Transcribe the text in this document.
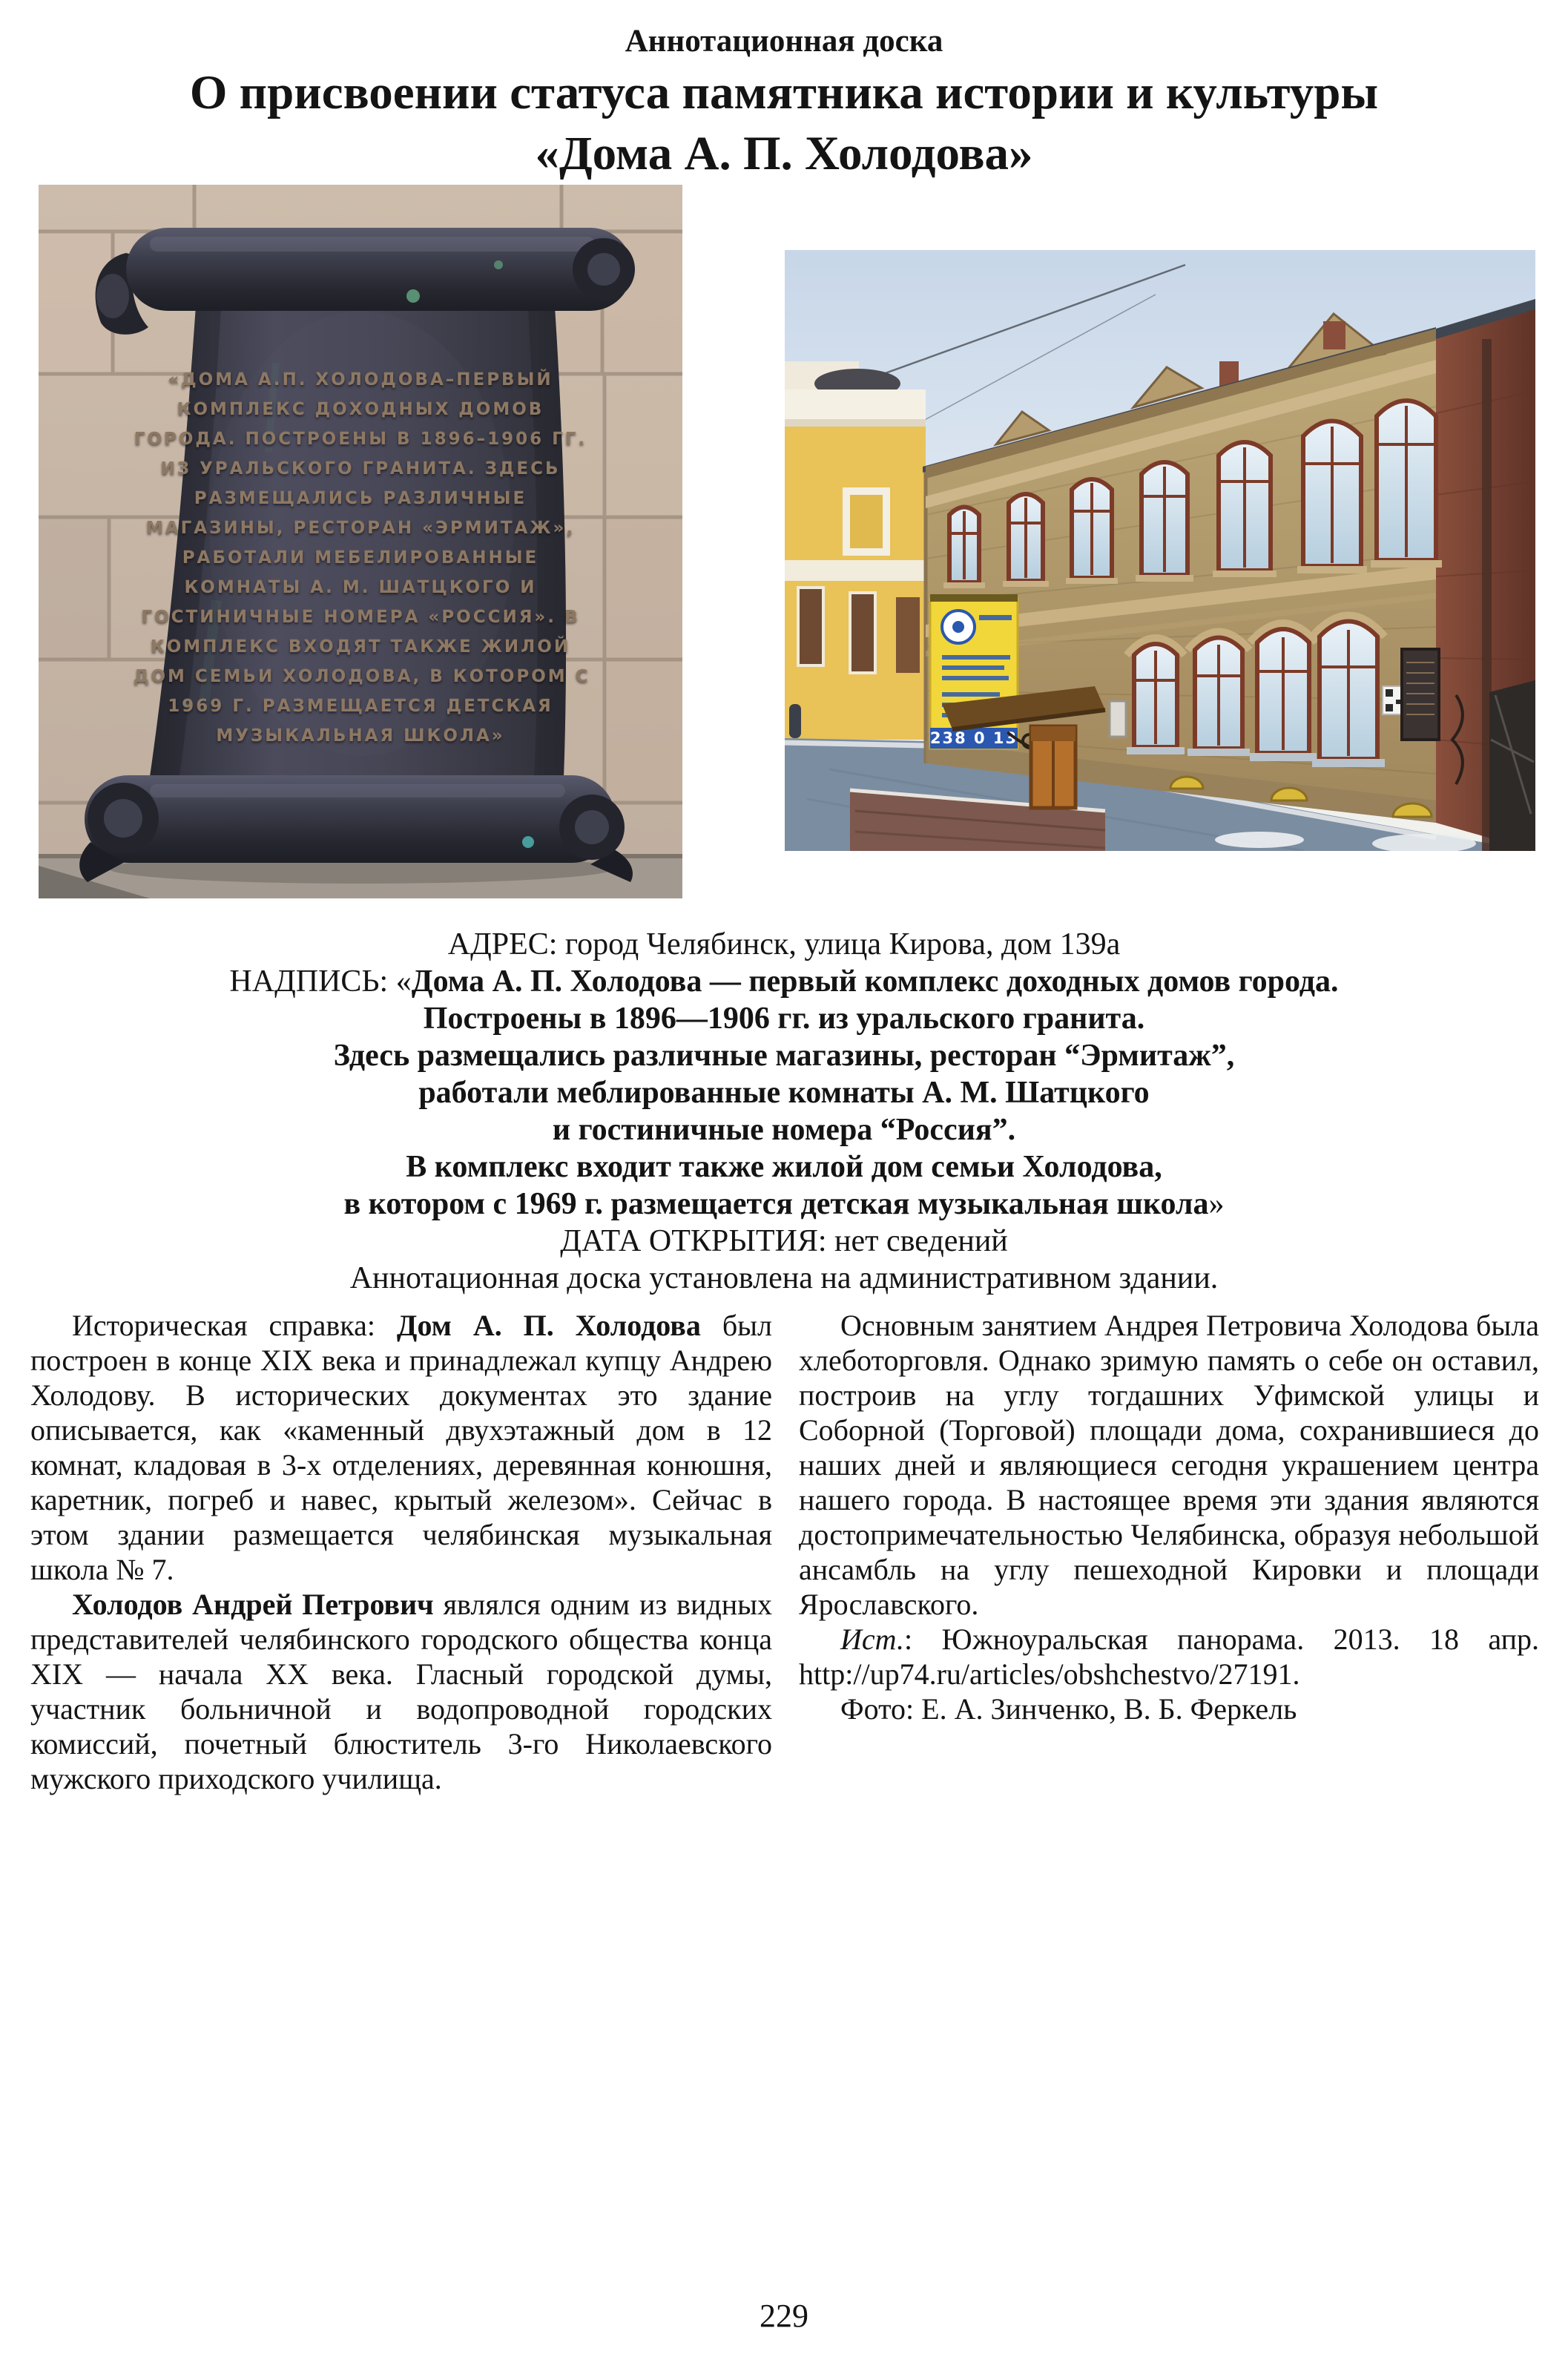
Аннотационная доска
О присвоении статуса памятника истории и культуры
«Дома А. П. Холодова»
«ДОМА А.П. ХОЛОДОВА–ПЕРВЫЙ
КОМПЛЕКС ДОХОДНЫХ ДОМОВ
ГОРОДА. ПОСТРОЕНЫ В 1896–1906 ГГ.
ИЗ УРАЛЬСКОГО ГРАНИТА. ЗДЕСЬ
РАЗМЕЩАЛИСЬ РАЗЛИЧНЫЕ
МАГАЗИНЫ, РЕСТОРАН «ЭРМИТАЖ»,
РАБОТАЛИ МЕБЕЛИРОВАННЫЕ
КОМНАТЫ А. М. ШАТЦКОГО И
ГОСТИНИЧНЫЕ НОМЕРА «РОССИЯ». В
КОМПЛЕКС ВХОДЯТ ТАКЖЕ ЖИЛОЙ
ДОМ СЕМЬИ ХОЛОДОВА, В КОТОРОМ С
1969 Г. РАЗМЕЩАЕТСЯ ДЕТСКАЯ
МУЗЫКАЛЬНАЯ ШКОЛА»	238 0 13
АДРЕС: город Челябинск, улица Кирова, дом 139а
НАДПИСЬ: «Дома А. П. Холодова — первый комплекс доходных домов города.
Построены в 1896—1906 гг. из уральского гранита.
Здесь размещались различные магазины, ресторан “Эрмитаж”,
работали меблированные комнаты А. М. Шатцкого
и гостиничные номера “Россия”.
В комплекс входит также жилой дом семьи Холодова,
в котором с 1969 г. размещается детская музыкальная школа»
ДАТА ОТКРЫТИЯ: нет сведений
Аннотационная доска установлена на административном здании.

Историческая справка: Дом А. П. Холодова был построен в конце XIX века и принадлежал купцу Андрею Холодову. В исторических документах это здание описывается, как «каменный двухэтажный дом в 12 комнат, кладовая в 3-х отделениях, деревянная конюшня, каретник, погреб и навес, крытый железом». Сейчас в этом здании размещается челябинская музыкальная школа № 7.

Холодов Андрей Петрович являлся одним из видных представителей челябинского городского общества конца XIX — начала XX века. Гласный городской думы, участник больничной и водопроводной городских комиссий, почетный блюститель 3-го Николаевского мужского приходского училища.

Основным занятием Андрея Петровича Холодова была хлеботорговля. Однако зримую память о себе он оставил, построив на углу тогдашних Уфимской улицы и Соборной (Торговой) площади дома, сохранившиеся до наших дней и являющиеся сегодня украшением центра нашего города. В настоящее время эти здания являются достопримечательностью Челябинска, образуя небольшой ансамбль на углу пешеходной Кировки и площади Ярославского.

Ист.: Южноуральская панорама. 2013. 18 апр. http://up74.ru/articles/obshchestvo/27191.

Фото: Е. А. Зинченко, В. Б. Феркель

229
